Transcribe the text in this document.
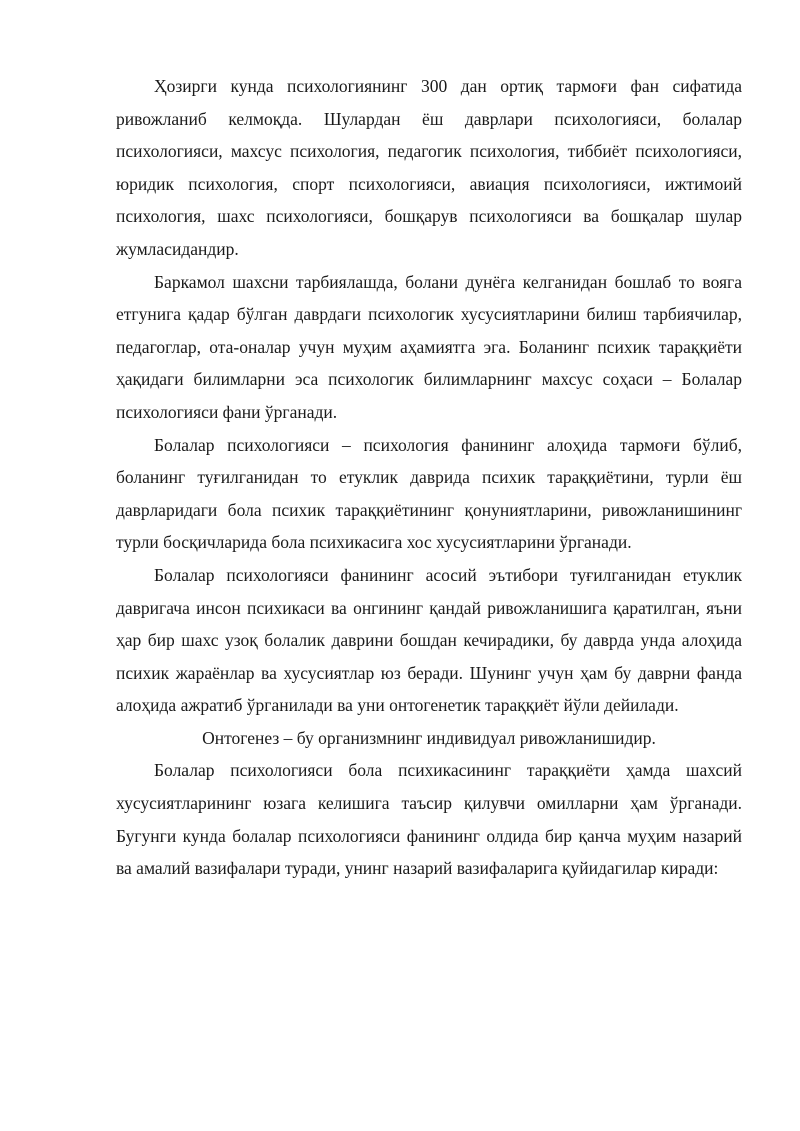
Ҳозирги кунда психологиянинг 300 дан ортиқ тармоғи фан сифатида ривожланиб келмоқда. Шулардан ёш даврлари психологияси, болалар психологияси, махсус психология, педагогик психология, тиббиёт психологияси, юридик психология, спорт психологияси, авиация психологияси, ижтимоий психология, шахс психологияси, бошқарув психологияси ва бошқалар шулар жумласидандир.

Баркамол шахсни тарбиялашда, болани дунёга келганидан бошлаб то вояга етгунига қадар бўлган даврдаги психологик хусусиятларини билиш тарбиячилар, педагоглар, ота-оналар учун муҳим аҳамиятга эга. Боланинг психик тараққиёти ҳақидаги билимларни эса психологик билимларнинг махсус соҳаси – Болалар психологияси фани ўрганади.

Болалар психологияси – психология фанининг алоҳида тармоғи бўлиб, боланинг туғилганидан то етуклик даврида психик тараққиётини, турли ёш даврларидаги бола психик тараққиётининг қонуниятларини, ривожланишининг турли босқичларида бола психикасига хос хусусиятларини ўрганади.

Болалар психологияси фанининг асосий эътибори туғилганидан етуклик давригача инсон психикаси ва онгининг қандай ривожланишига қаратилган, яъни ҳар бир шахс узоқ болалик даврини бошдан кечирадики, бу даврда унда алоҳида психик жараёнлар ва хусусиятлар юз беради. Шунинг учун ҳам бу даврни фанда алоҳида ажратиб ўрганилади ва уни онтогенетик тараққиёт йўли дейилади.

Онтогенез – бу организмнинг индивидуал ривожланишидир.

Болалар психологияси бола психикасининг тараққиёти ҳамда шахсий хусусиятларининг юзага келишига таъсир қилувчи омилларни ҳам ўрганади. Бугунги кунда болалар психологияси фанининг олдида бир қанча муҳим назарий ва амалий вазифалари туради, унинг назарий вазифаларига қуйидагилар киради:
